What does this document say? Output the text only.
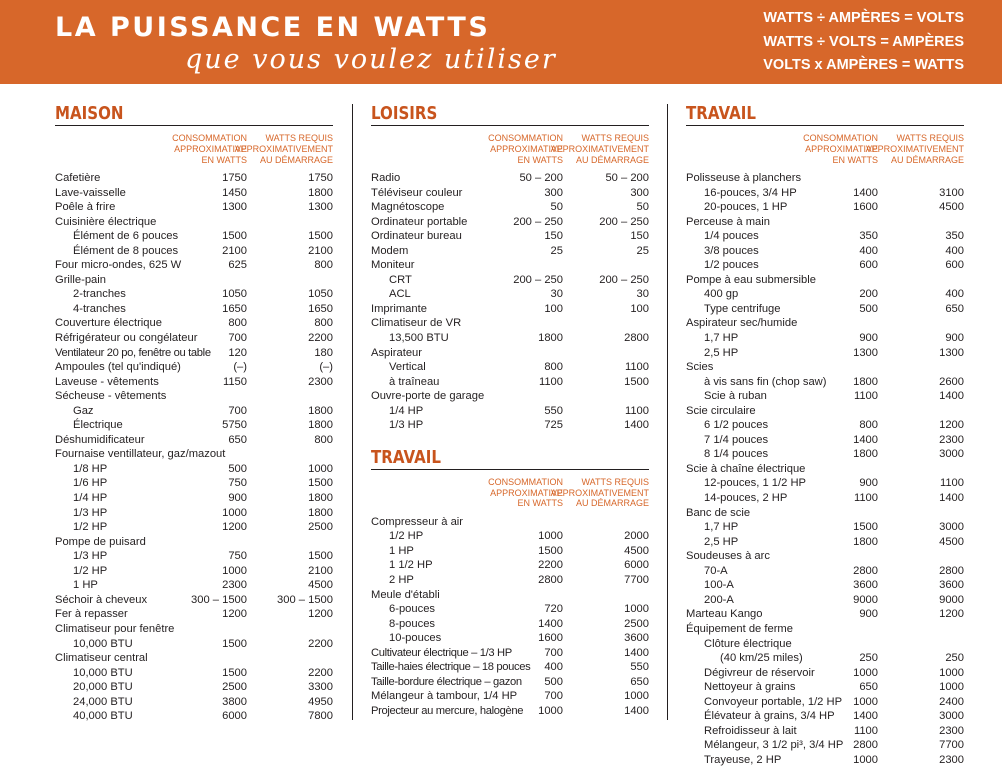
LA PUISSANCE EN WATTS
que vous voulez utiliser
WATTS ÷ AMPÈRES = VOLTS
WATTS ÷ VOLTS = AMPÈRES
VOLTS x AMPÈRES = WATTS
MAISON
CONSOMMATION
APPROXIMATIVE
EN WATTS
WATTS REQUIS
APPROXIMATIVEMENT
AU DÉMARRAGE
Cafetière	1750	1750
Lave-vaisselle	1450	1800
Poêle à frire	1300	1300
Cuisinière électrique
Élément de 6 pouces	1500	1500
Élément de 8 pouces	2100	2100
Four micro-ondes, 625 W	625	800
Grille-pain
2-tranches	1050	1050
4-tranches	1650	1650
Couverture électrique	800	800
Réfrigérateur ou congélateur	700	2200
Ventilateur 20 po, fenêtre ou table 120	180
Ampoules (tel qu'indiqué)	(–)	(–)
Laveuse - vêtements	1150	2300
Sécheuse - vêtements
Gaz	700	1800
Électrique	5750	1800
Déshumidificateur	650	800
Fournaise ventillateur, gaz/mazout
1/8 HP	500	1000
1/6 HP	750	1500
1/4 HP	900	1800
1/3 HP	1000	1800
1/2 HP	1200	2500
Pompe de puisard
1/3 HP	750	1500
1/2 HP	1000	2100
1 HP	2300	4500
Séchoir à cheveux	300 – 1500	300 – 1500
Fer à repasser	1200	1200
Climatiseur pour fenêtre
10,000 BTU	1500	2200
Climatiseur central
10,000 BTU	1500	2200
20,000 BTU	2500	3300
24,000 BTU	3800	4950
40,000 BTU	6000	7800
LOISIRS
CONSOMMATION
APPROXIMATIVE
EN WATTS
WATTS REQUIS
APPROXIMATIVEMENT
AU DÉMARRAGE
Radio	50 – 200	50 – 200
Téléviseur couleur	300	300
Magnétoscope	50	50
Ordinateur portable	200 – 250	200 – 250
Ordinateur bureau	150	150
Modem	25	25
Moniteur
CRT	200 – 250	200 – 250
ACL	30	30
Imprimante	100	100
Climatiseur de VR
13,500 BTU	1800	2800
Aspirateur
Vertical	800	1100
à traîneau	1100	1500
Ouvre-porte de garage
1/4 HP	550	1100
1/3 HP	725	1400
TRAVAIL
CONSOMMATION
APPROXIMATIVE
EN WATTS
WATTS REQUIS
APPROXIMATIVEMENT
AU DÉMARRAGE
Compresseur à air
1/2 HP	1000	2000
1 HP	1500	4500
1 1/2 HP	2200	6000
2 HP	2800	7700
Meule d'établi
6-pouces	720	1000
8-pouces	1400	2500
10-pouces	1600	3600
Cultivateur électrique – 1/3 HP	700	1400
Taille-haies électrique – 18 pouces 400	550
Taille-bordure électrique – gazon 500	650
Mélangeur à tambour, 1/4 HP 700	1000
Projecteur au mercure, halogène 1000	1400
TRAVAIL
CONSOMMATION
APPROXIMATIVE
EN WATTS
WATTS REQUIS
APPROXIMATIVEMENT
AU DÉMARRAGE
Polisseuse à planchers
16-pouces, 3/4 HP	1400	3100
20-pouces, 1 HP	1600	4500
Perceuse à main
1/4 pouces	350	350
3/8 pouces	400	400
1/2 pouces	600	600
Pompe à eau submersible
400 gp	200	400
Type centrifuge	500	650
Aspirateur sec/humide
1,7 HP	900	900
2,5 HP	1300	1300
Scies
à vis sans fin (chop saw) 1800	2600
Scie à ruban	1100	1400
Scie circulaire
6 1/2 pouces	800	1200
7 1/4 pouces	1400	2300
8 1/4 pouces	1800	3000
Scie à chaîne électrique
12-pouces, 1 1/2 HP	900	1100
14-pouces, 2 HP	1100	1400
Banc de scie
1,7 HP	1500	3000
2,5 HP	1800	4500
Soudeuses à arc
70-A	2800	2800
100-A	3600	3600
200-A	9000	9000
Marteau Kango	900	1200
Équipement de ferme
Clôture électrique
(40 km/25 miles)	250	250
Dégivreur de réservoir	1000	1000
Nettoyeur à grains	650	1000
Convoyeur portable, 1/2 HP 1000	2400
Élévateur à grains, 3/4 HP 1400	3000
Refroidisseur à lait	1100	2300
Mélangeur, 3 1/2 pi³, 3/4 HP 2800	7700
Trayeuse, 2 HP	1000	2300
